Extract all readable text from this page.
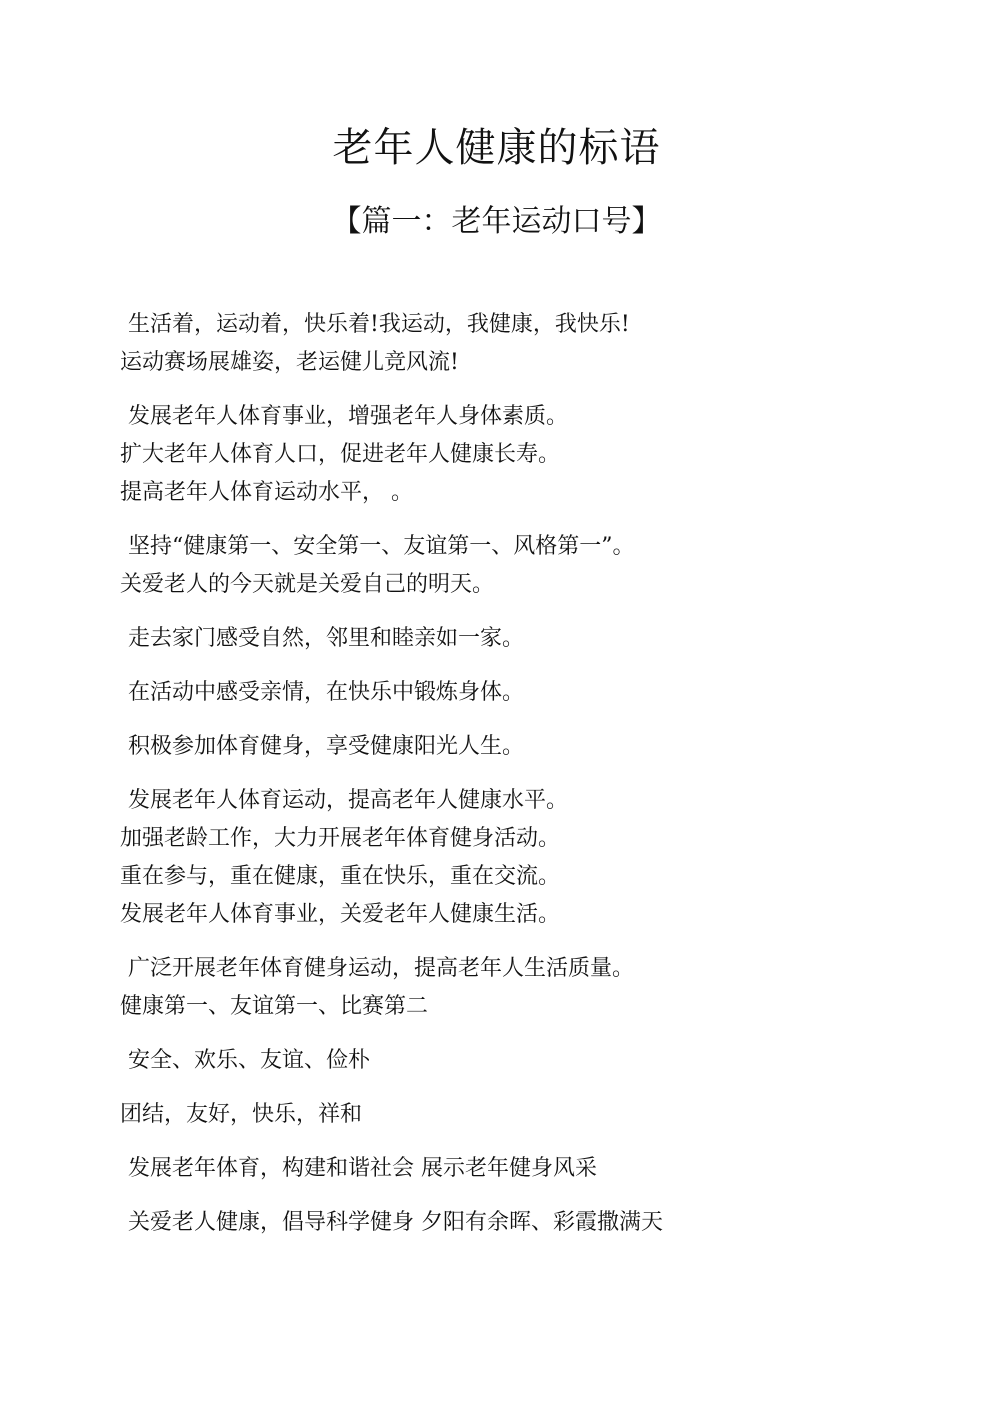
老年人健康的标语
【篇一：老年运动口号】
生活着，运动着，快乐着!我运动，我健康，我快乐!
运动赛场展雄姿，老运健儿竞风流!
发展老年人体育事业，增强老年人身体素质。
扩大老年人体育人口，促进老年人健康长寿。
提高老年人体育运动水平， 。
坚持“健康第一、安全第一、友谊第一、风格第一”。
关爱老人的今天就是关爱自己的明天。
走去家门感受自然，邻里和睦亲如一家。
在活动中感受亲情，在快乐中锻炼身体。
积极参加体育健身，享受健康阳光人生。
发展老年人体育运动，提高老年人健康水平。
加强老龄工作，大力开展老年体育健身活动。
重在参与，重在健康，重在快乐，重在交流。
发展老年人体育事业，关爱老年人健康生活。
广泛开展老年体育健身运动，提高老年人生活质量。
健康第一、友谊第一、比赛第二
安全、欢乐、友谊、俭朴
团结，友好，快乐，祥和
发展老年体育，构建和谐社会 展示老年健身风采
关爱老人健康，倡导科学健身 夕阳有余晖、彩霞撒满天
